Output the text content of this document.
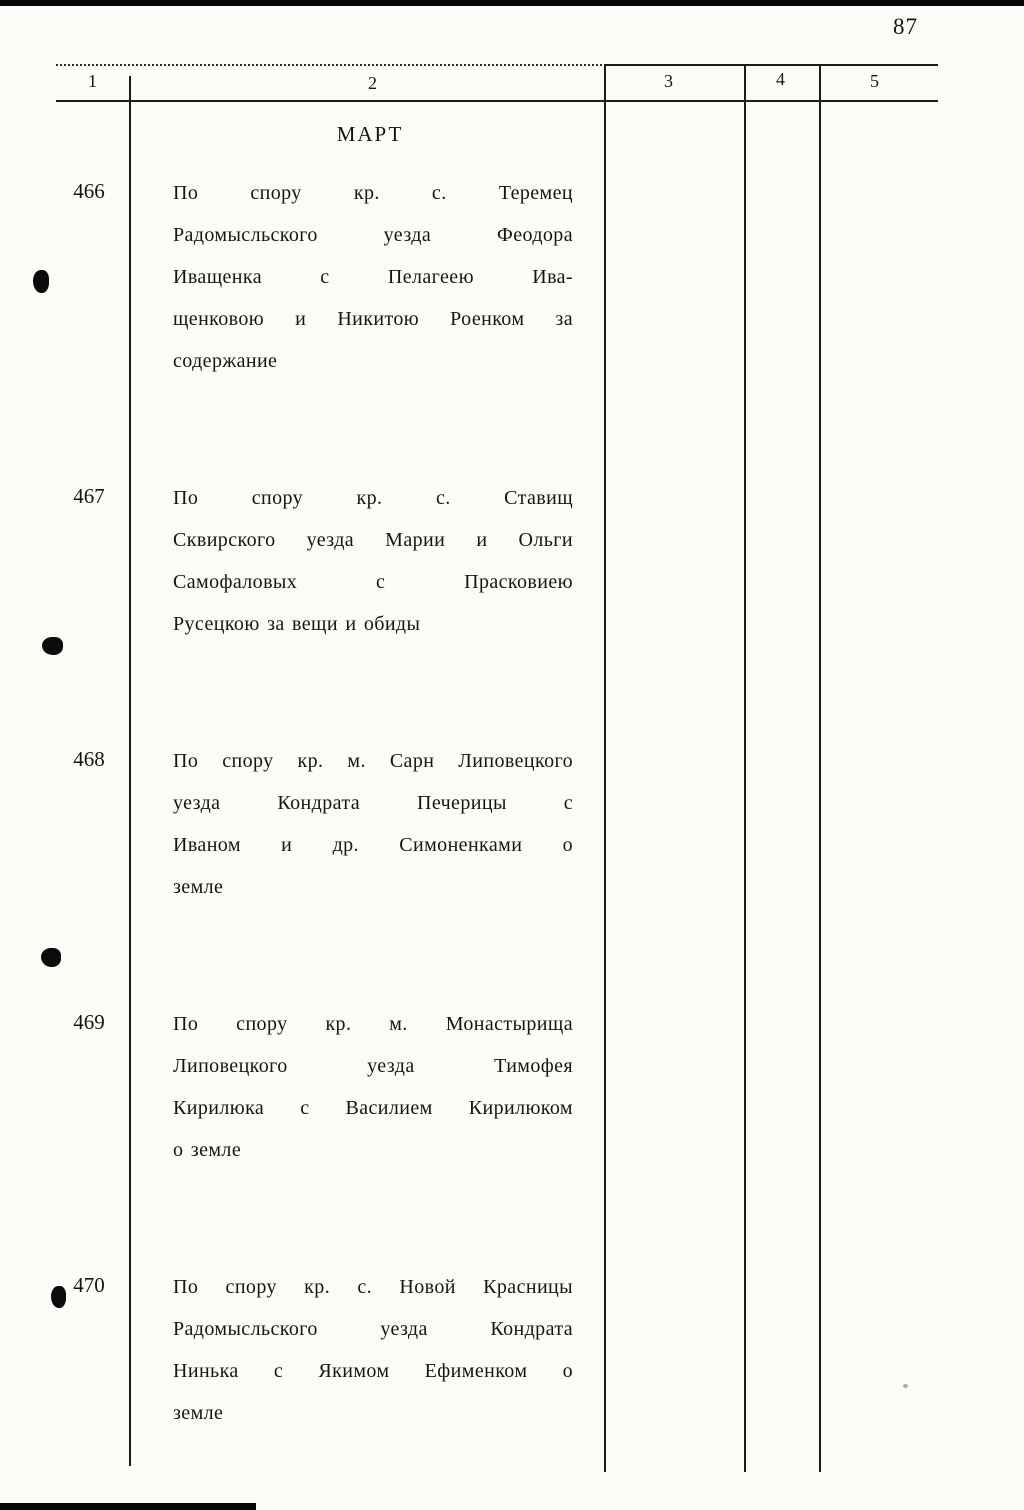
87
1	2	3	4	5
МАРТ
466	По спору кр. с. Теремец
Радомысльского уезда Феодора
Иващенка с Пелагеею Ива-
щенковою и Никитою Роенком за
содержание
467	По спору кр. с. Ставищ
Сквирского уезда Марии и Ольги
Самофаловых с Прасковиею
Русецкою за вещи и обиды
468	По спору кр. м. Сарн Липовецкого
уезда Кондрата Печерицы с
Иваном и др. Симоненками о
земле
469	По спору кр. м. Монастырища
Липовецкого уезда Тимофея
Кирилюка с Василием Кирилюком
о земле
470	По спору кр. с. Новой Красницы
Радомысльского уезда Кондрата
Нинька с Якимом Ефименком о
земле
